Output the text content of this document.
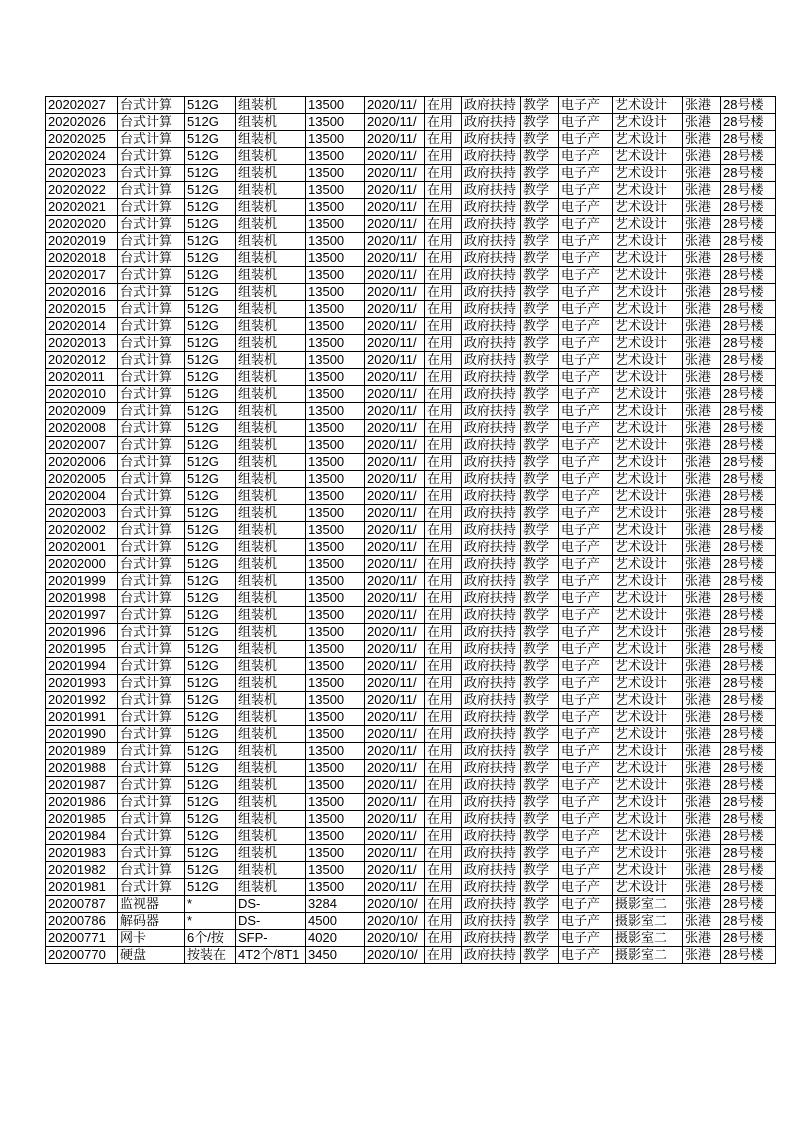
20202027	台式计算	512G	组装机	13500	2020/11/	在用	政府扶持	教学	电子产	艺术设计	张港	28号楼
20202026	台式计算	512G	组装机	13500	2020/11/	在用	政府扶持	教学	电子产	艺术设计	张港	28号楼
20202025	台式计算	512G	组装机	13500	2020/11/	在用	政府扶持	教学	电子产	艺术设计	张港	28号楼
20202024	台式计算	512G	组装机	13500	2020/11/	在用	政府扶持	教学	电子产	艺术设计	张港	28号楼
20202023	台式计算	512G	组装机	13500	2020/11/	在用	政府扶持	教学	电子产	艺术设计	张港	28号楼
20202022	台式计算	512G	组装机	13500	2020/11/	在用	政府扶持	教学	电子产	艺术设计	张港	28号楼
20202021	台式计算	512G	组装机	13500	2020/11/	在用	政府扶持	教学	电子产	艺术设计	张港	28号楼
20202020	台式计算	512G	组装机	13500	2020/11/	在用	政府扶持	教学	电子产	艺术设计	张港	28号楼
20202019	台式计算	512G	组装机	13500	2020/11/	在用	政府扶持	教学	电子产	艺术设计	张港	28号楼
20202018	台式计算	512G	组装机	13500	2020/11/	在用	政府扶持	教学	电子产	艺术设计	张港	28号楼
20202017	台式计算	512G	组装机	13500	2020/11/	在用	政府扶持	教学	电子产	艺术设计	张港	28号楼
20202016	台式计算	512G	组装机	13500	2020/11/	在用	政府扶持	教学	电子产	艺术设计	张港	28号楼
20202015	台式计算	512G	组装机	13500	2020/11/	在用	政府扶持	教学	电子产	艺术设计	张港	28号楼
20202014	台式计算	512G	组装机	13500	2020/11/	在用	政府扶持	教学	电子产	艺术设计	张港	28号楼
20202013	台式计算	512G	组装机	13500	2020/11/	在用	政府扶持	教学	电子产	艺术设计	张港	28号楼
20202012	台式计算	512G	组装机	13500	2020/11/	在用	政府扶持	教学	电子产	艺术设计	张港	28号楼
20202011	台式计算	512G	组装机	13500	2020/11/	在用	政府扶持	教学	电子产	艺术设计	张港	28号楼
20202010	台式计算	512G	组装机	13500	2020/11/	在用	政府扶持	教学	电子产	艺术设计	张港	28号楼
20202009	台式计算	512G	组装机	13500	2020/11/	在用	政府扶持	教学	电子产	艺术设计	张港	28号楼
20202008	台式计算	512G	组装机	13500	2020/11/	在用	政府扶持	教学	电子产	艺术设计	张港	28号楼
20202007	台式计算	512G	组装机	13500	2020/11/	在用	政府扶持	教学	电子产	艺术设计	张港	28号楼
20202006	台式计算	512G	组装机	13500	2020/11/	在用	政府扶持	教学	电子产	艺术设计	张港	28号楼
20202005	台式计算	512G	组装机	13500	2020/11/	在用	政府扶持	教学	电子产	艺术设计	张港	28号楼
20202004	台式计算	512G	组装机	13500	2020/11/	在用	政府扶持	教学	电子产	艺术设计	张港	28号楼
20202003	台式计算	512G	组装机	13500	2020/11/	在用	政府扶持	教学	电子产	艺术设计	张港	28号楼
20202002	台式计算	512G	组装机	13500	2020/11/	在用	政府扶持	教学	电子产	艺术设计	张港	28号楼
20202001	台式计算	512G	组装机	13500	2020/11/	在用	政府扶持	教学	电子产	艺术设计	张港	28号楼
20202000	台式计算	512G	组装机	13500	2020/11/	在用	政府扶持	教学	电子产	艺术设计	张港	28号楼
20201999	台式计算	512G	组装机	13500	2020/11/	在用	政府扶持	教学	电子产	艺术设计	张港	28号楼
20201998	台式计算	512G	组装机	13500	2020/11/	在用	政府扶持	教学	电子产	艺术设计	张港	28号楼
20201997	台式计算	512G	组装机	13500	2020/11/	在用	政府扶持	教学	电子产	艺术设计	张港	28号楼
20201996	台式计算	512G	组装机	13500	2020/11/	在用	政府扶持	教学	电子产	艺术设计	张港	28号楼
20201995	台式计算	512G	组装机	13500	2020/11/	在用	政府扶持	教学	电子产	艺术设计	张港	28号楼
20201994	台式计算	512G	组装机	13500	2020/11/	在用	政府扶持	教学	电子产	艺术设计	张港	28号楼
20201993	台式计算	512G	组装机	13500	2020/11/	在用	政府扶持	教学	电子产	艺术设计	张港	28号楼
20201992	台式计算	512G	组装机	13500	2020/11/	在用	政府扶持	教学	电子产	艺术设计	张港	28号楼
20201991	台式计算	512G	组装机	13500	2020/11/	在用	政府扶持	教学	电子产	艺术设计	张港	28号楼
20201990	台式计算	512G	组装机	13500	2020/11/	在用	政府扶持	教学	电子产	艺术设计	张港	28号楼
20201989	台式计算	512G	组装机	13500	2020/11/	在用	政府扶持	教学	电子产	艺术设计	张港	28号楼
20201988	台式计算	512G	组装机	13500	2020/11/	在用	政府扶持	教学	电子产	艺术设计	张港	28号楼
20201987	台式计算	512G	组装机	13500	2020/11/	在用	政府扶持	教学	电子产	艺术设计	张港	28号楼
20201986	台式计算	512G	组装机	13500	2020/11/	在用	政府扶持	教学	电子产	艺术设计	张港	28号楼
20201985	台式计算	512G	组装机	13500	2020/11/	在用	政府扶持	教学	电子产	艺术设计	张港	28号楼
20201984	台式计算	512G	组装机	13500	2020/11/	在用	政府扶持	教学	电子产	艺术设计	张港	28号楼
20201983	台式计算	512G	组装机	13500	2020/11/	在用	政府扶持	教学	电子产	艺术设计	张港	28号楼
20201982	台式计算	512G	组装机	13500	2020/11/	在用	政府扶持	教学	电子产	艺术设计	张港	28号楼
20201981	台式计算	512G	组装机	13500	2020/11/	在用	政府扶持	教学	电子产	艺术设计	张港	28号楼
20200787	监视器	*	DS-	3284	2020/10/	在用	政府扶持	教学	电子产	摄影室二	张港	28号楼
20200786	解码器	*	DS-	4500	2020/10/	在用	政府扶持	教学	电子产	摄影室二	张港	28号楼
20200771	网卡	6个/按	SFP-	4020	2020/10/	在用	政府扶持	教学	电子产	摄影室二	张港	28号楼
20200770	硬盘	按装在	4T2个/8T1	3450	2020/10/	在用	政府扶持	教学	电子产	摄影室二	张港	28号楼
